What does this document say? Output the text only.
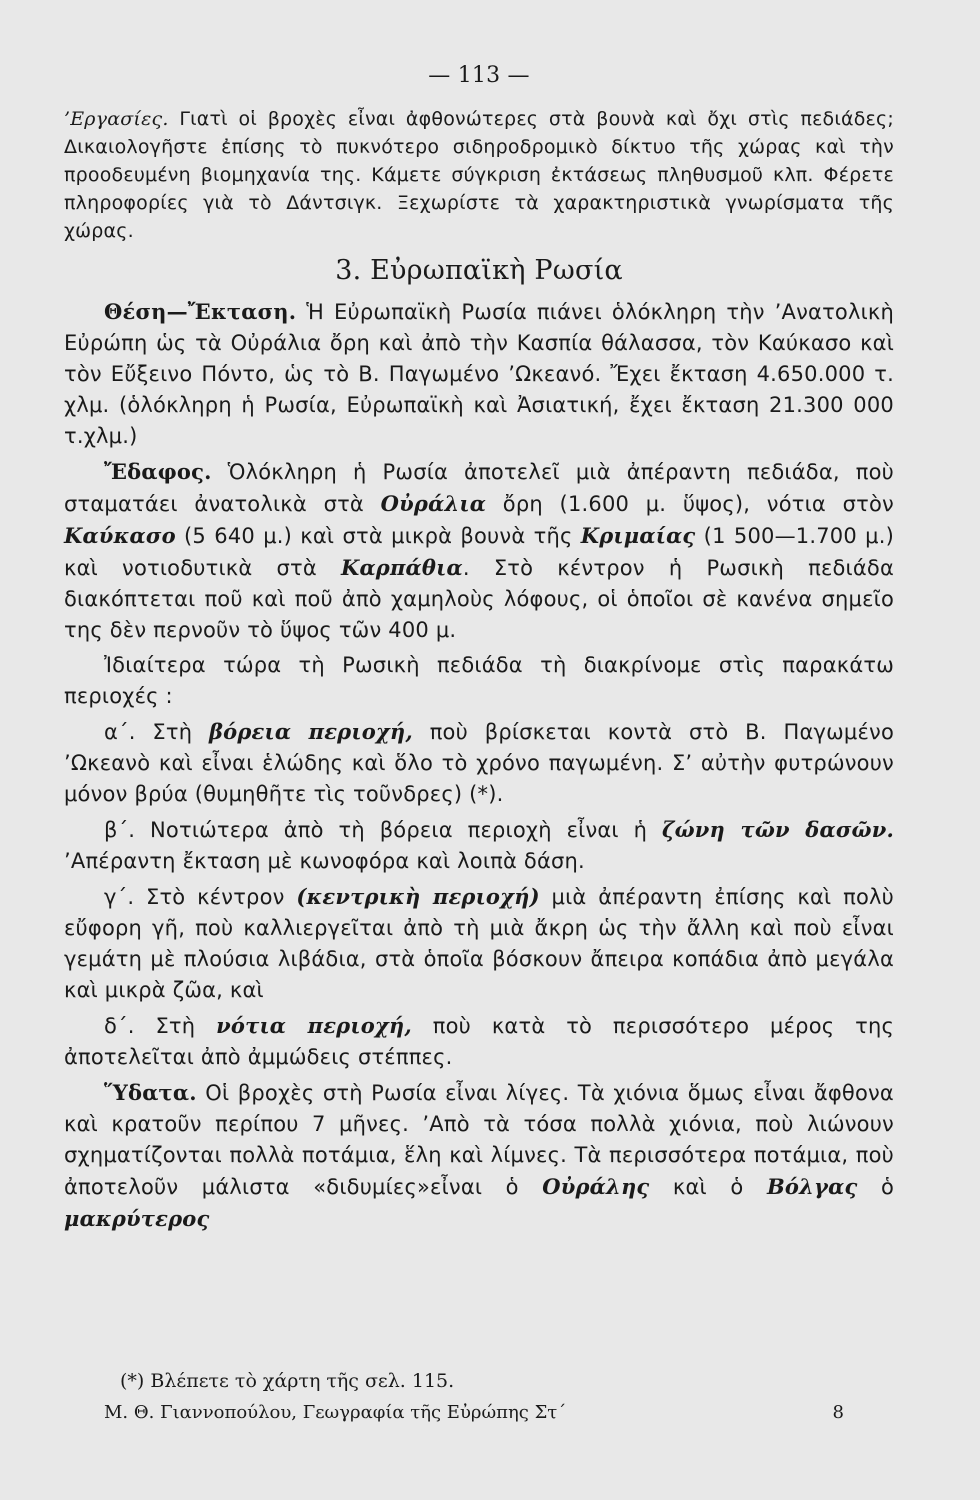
— 113 —

’Εργασίες. Γιατὶ οἱ βροχὲς εἶναι ἀφθονώτερες στὰ βουνὰ καὶ ὄχι στὶς πεδιάδες; Δικαιολογῆστε ἐπίσης τὸ πυκνότερο σιδηροδρομικὸ δίκτυο τῆς χώρας καὶ τὴν προοδευμένη βιομηχανία της. Κάμετε σύγκριση ἐκτάσεως πληθυσμοῦ κλπ. Φέρετε πληροφορίες γιὰ τὸ Δάντσιγκ. Ξεχωρίστε τὰ χαρακτηριστικὰ γνωρίσματα τῆς χώρας.

3. Εὐρωπαϊκὴ Ρωσία

Θέση—Ἔκταση. Ἡ Εὐρωπαϊκὴ Ρωσία πιάνει ὁλόκληρη τὴν ’Ανατολικὴ Εὐρώπη ὡς τὰ Οὐράλια ὄρη καὶ ἀπὸ τὴν Κασπία θάλασσα, τὸν Καύκασο καὶ τὸν Εὔξεινο Πόντο, ὡς τὸ Β. Παγωμένο ’Ωκεανό. Ἔχει ἔκταση 4.650.000 τ. χλμ. (ὁλόκληρη ἡ Ρωσία, Εὐρωπαϊκὴ καὶ Ἀσιατική, ἔχει ἔκταση 21.300 000 τ.χλμ.)

Ἔδαφος. Ὁλόκληρη ἡ Ρωσία ἀποτελεῖ μιὰ ἀπέραντη πεδιάδα, ποὺ σταματάει ἀνατολικὰ στὰ Οὐράλια ὄρη (1.600 μ. ὕψος), νότια στὸν Καύκασο (5 640 μ.) καὶ στὰ μικρὰ βουνὰ τῆς Κριμαίας (1 500—1.700 μ.) καὶ νοτιοδυτικὰ στὰ Καρπάθια. Στὸ κέντρον ἡ Ρωσικὴ πεδιάδα διακόπτεται ποῦ καὶ ποῦ ἀπὸ χαμηλοὺς λόφους, οἱ ὁποῖοι σὲ κανένα σημεῖο της δὲν περνοῦν τὸ ὕψος τῶν 400 μ.

Ἰδιαίτερα τώρα τὴ Ρωσικὴ πεδιάδα τὴ διακρίνομε στὶς παρακάτω περιοχές :

α΄. Στὴ βόρεια περιοχή, ποὺ βρίσκεται κοντὰ στὸ Β. Παγωμένο ’Ωκεανὸ καὶ εἶναι ἑλώδης καὶ ὅλο τὸ χρόνο παγωμένη. Σ’ αὐτὴν φυτρώνουν μόνον βρύα (θυμηθῆτε τὶς τοῦνδρες) (*).

β΄. Νοτιώτερα ἀπὸ τὴ βόρεια περιοχὴ εἶναι ἡ ζώνη τῶν δασῶν. ’Απέραντη ἔκταση μὲ κωνοφόρα καὶ λοιπὰ δάση.

γ΄. Στὸ κέντρον (κεντρικὴ περιοχή) μιὰ ἀπέραντη ἐπίσης καὶ πολὺ εὔφορη γῆ, ποὺ καλλιεργεῖται ἀπὸ τὴ μιὰ ἄκρη ὡς τὴν ἄλλη καὶ ποὺ εἶναι γεμάτη μὲ πλούσια λιβάδια, στὰ ὁποῖα βόσκουν ἄπειρα κοπάδια ἀπὸ μεγάλα καὶ μικρὰ ζῶα, καὶ

δ΄. Στὴ νότια περιοχή, ποὺ κατὰ τὸ περισσότερο μέρος της ἀποτελεῖται ἀπὸ ἀμμώδεις στέππες.

Ὕδατα. Οἱ βροχὲς στὴ Ρωσία εἶναι λίγες. Τὰ χιόνια ὅμως εἶναι ἄφθονα καὶ κρατοῦν περίπου 7 μῆνες. ’Απὸ τὰ τόσα πολλὰ χιόνια, ποὺ λιώνουν σχηματίζονται πολλὰ ποτάμια, ἕλη καὶ λίμνες. Τὰ περισσότερα ποτάμια, ποὺ ἀποτελοῦν μάλιστα «διδυμίες»εἶναι ὁ Οὐράλης καὶ ὁ Βόλγας ὁ μακρύτερος

(*) Βλέπετε τὸ χάρτη τῆς σελ. 115.
Μ. Θ. Γιαννοπούλου, Γεωγραφία τῆς Εὐρώπης Στ΄	8
